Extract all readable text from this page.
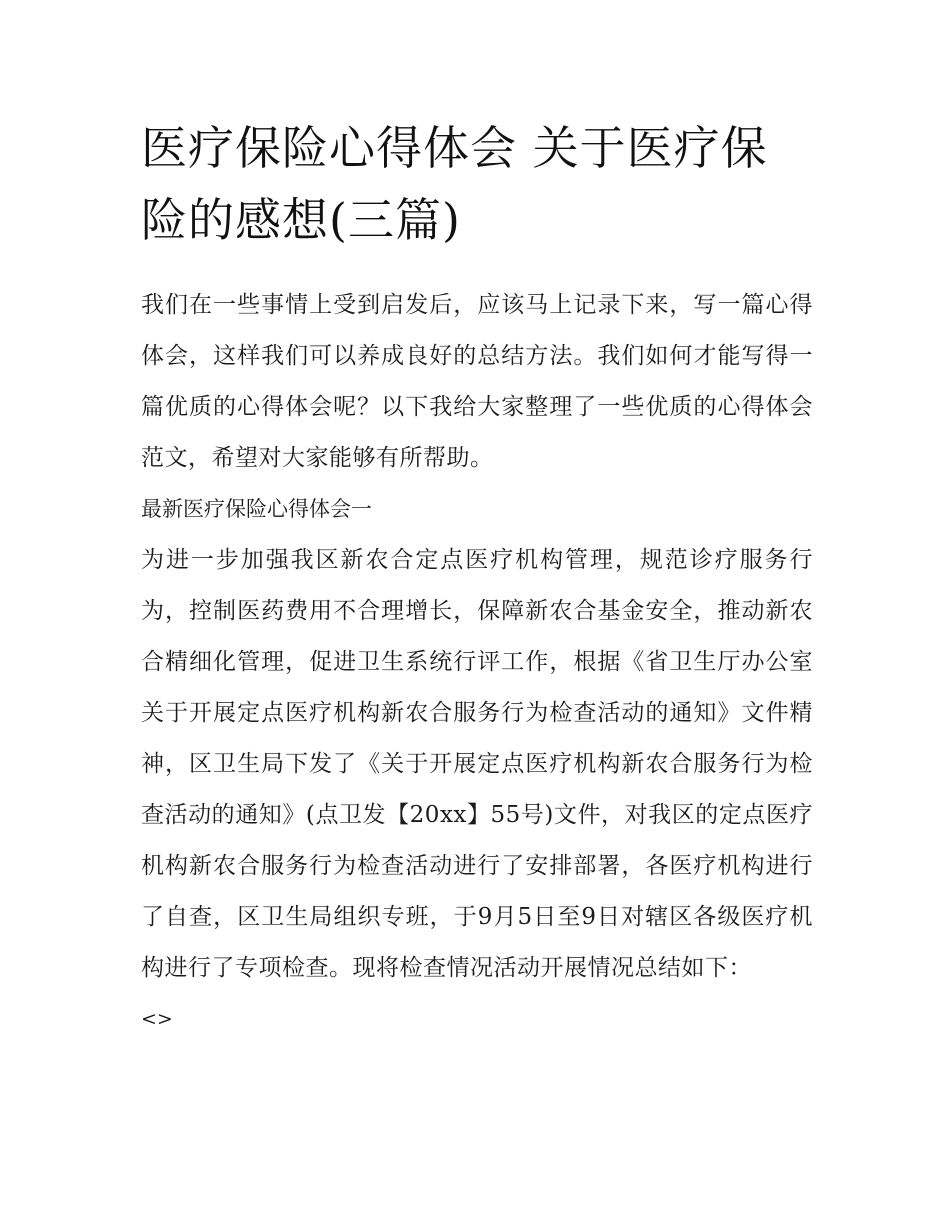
医疗保险心得体会 关于医疗保险的感想(三篇)

我们在一些事情上受到启发后，应该马上记录下来，写一篇心得体会，这样我们可以养成良好的总结方法。我们如何才能写得一篇优质的心得体会呢？以下我给大家整理了一些优质的心得体会范文，希望对大家能够有所帮助。

最新医疗保险心得体会一

为进一步加强我区新农合定点医疗机构管理，规范诊疗服务行为，控制医药费用不合理增长，保障新农合基金安全，推动新农合精细化管理，促进卫生系统行评工作，根据《省卫生厅办公室关于开展定点医疗机构新农合服务行为检查活动的通知》文件精神，区卫生局下发了《关于开展定点医疗机构新农合服务行为检查活动的通知》(点卫发【20xx】55号)文件，对我区的定点医疗机构新农合服务行为检查活动进行了安排部署，各医疗机构进行了自查，区卫生局组织专班，于9月5日至9日对辖区各级医疗机构进行了专项检查。现将检查情况活动开展情况总结如下：

<>
